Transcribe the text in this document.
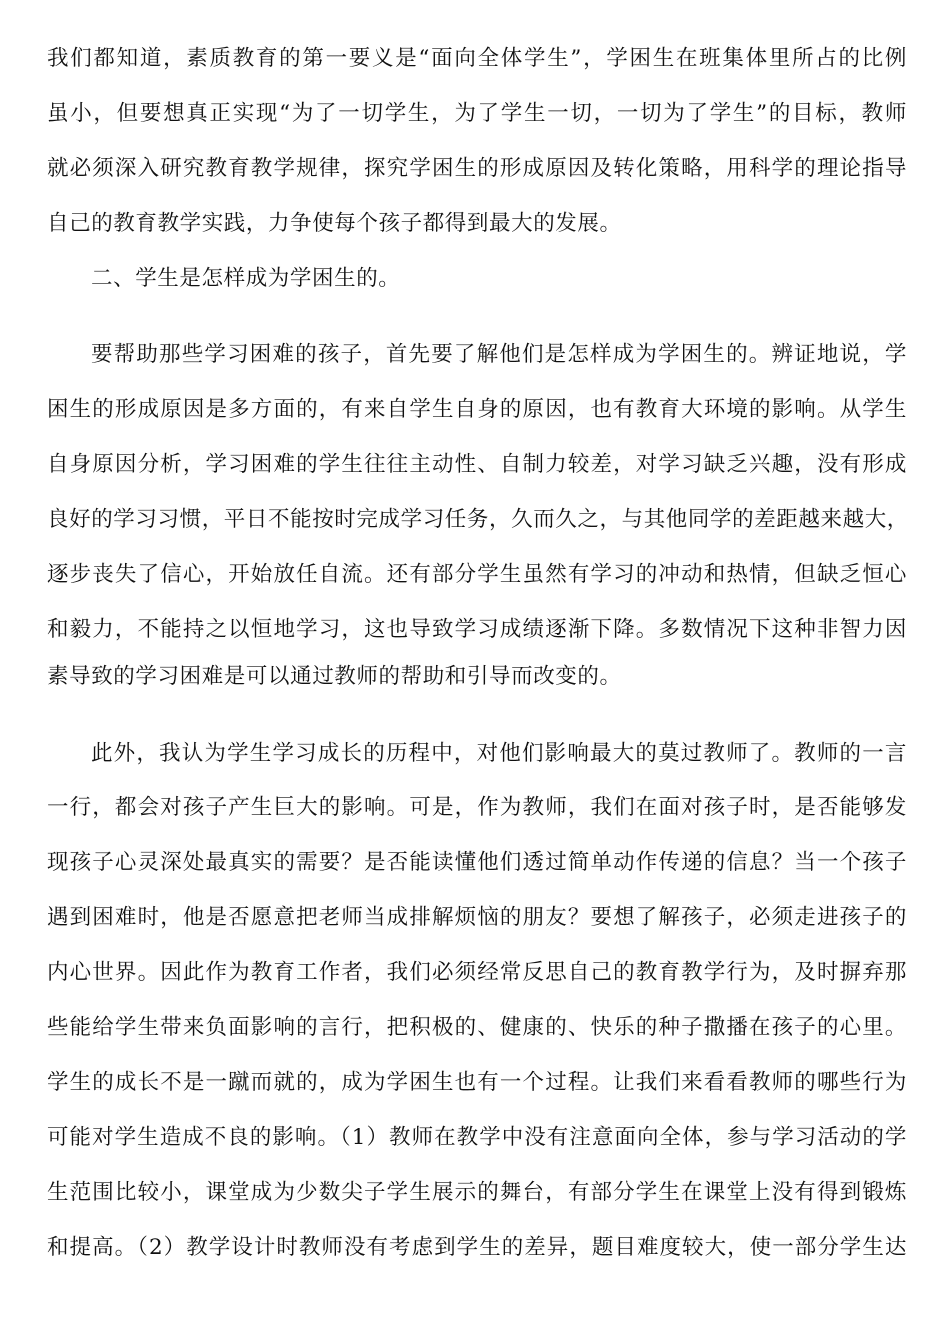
我们都知道，素质教育的第一要义是“面向全体学生”，学困生在班集体里所占的比例
虽小，但要想真正实现“为了一切学生，为了学生一切，一切为了学生”的目标，教师
就必须深入研究教育教学规律，探究学困生的形成原因及转化策略，用科学的理论指导
自己的教育教学实践，力争使每个孩子都得到最大的发展。
二、学生是怎样成为学困生的。
要帮助那些学习困难的孩子，首先要了解他们是怎样成为学困生的。辨证地说，学
困生的形成原因是多方面的，有来自学生自身的原因，也有教育大环境的影响。从学生
自身原因分析，学习困难的学生往往主动性、自制力较差，对学习缺乏兴趣，没有形成
良好的学习习惯，平日不能按时完成学习任务，久而久之，与其他同学的差距越来越大，
逐步丧失了信心，开始放任自流。还有部分学生虽然有学习的冲动和热情，但缺乏恒心
和毅力，不能持之以恒地学习，这也导致学习成绩逐渐下降。多数情况下这种非智力因
素导致的学习困难是可以通过教师的帮助和引导而改变的。
此外，我认为学生学习成长的历程中，对他们影响最大的莫过教师了。教师的一言
一行，都会对孩子产生巨大的影响。可是，作为教师，我们在面对孩子时，是否能够发
现孩子心灵深处最真实的需要？是否能读懂他们透过简单动作传递的信息？当一个孩子
遇到困难时，他是否愿意把老师当成排解烦恼的朋友？要想了解孩子，必须走进孩子的
内心世界。因此作为教育工作者，我们必须经常反思自己的教育教学行为，及时摒弃那
些能给学生带来负面影响的言行，把积极的、健康的、快乐的种子撒播在孩子的心里。
学生的成长不是一蹴而就的，成为学困生也有一个过程。让我们来看看教师的哪些行为
可能对学生造成不良的影响。（1）教师在教学中没有注意面向全体，参与学习活动的学
生范围比较小，课堂成为少数尖子学生展示的舞台，有部分学生在课堂上没有得到锻炼
和提高。（2）教学设计时教师没有考虑到学生的差异，题目难度较大，使一部分学生达
